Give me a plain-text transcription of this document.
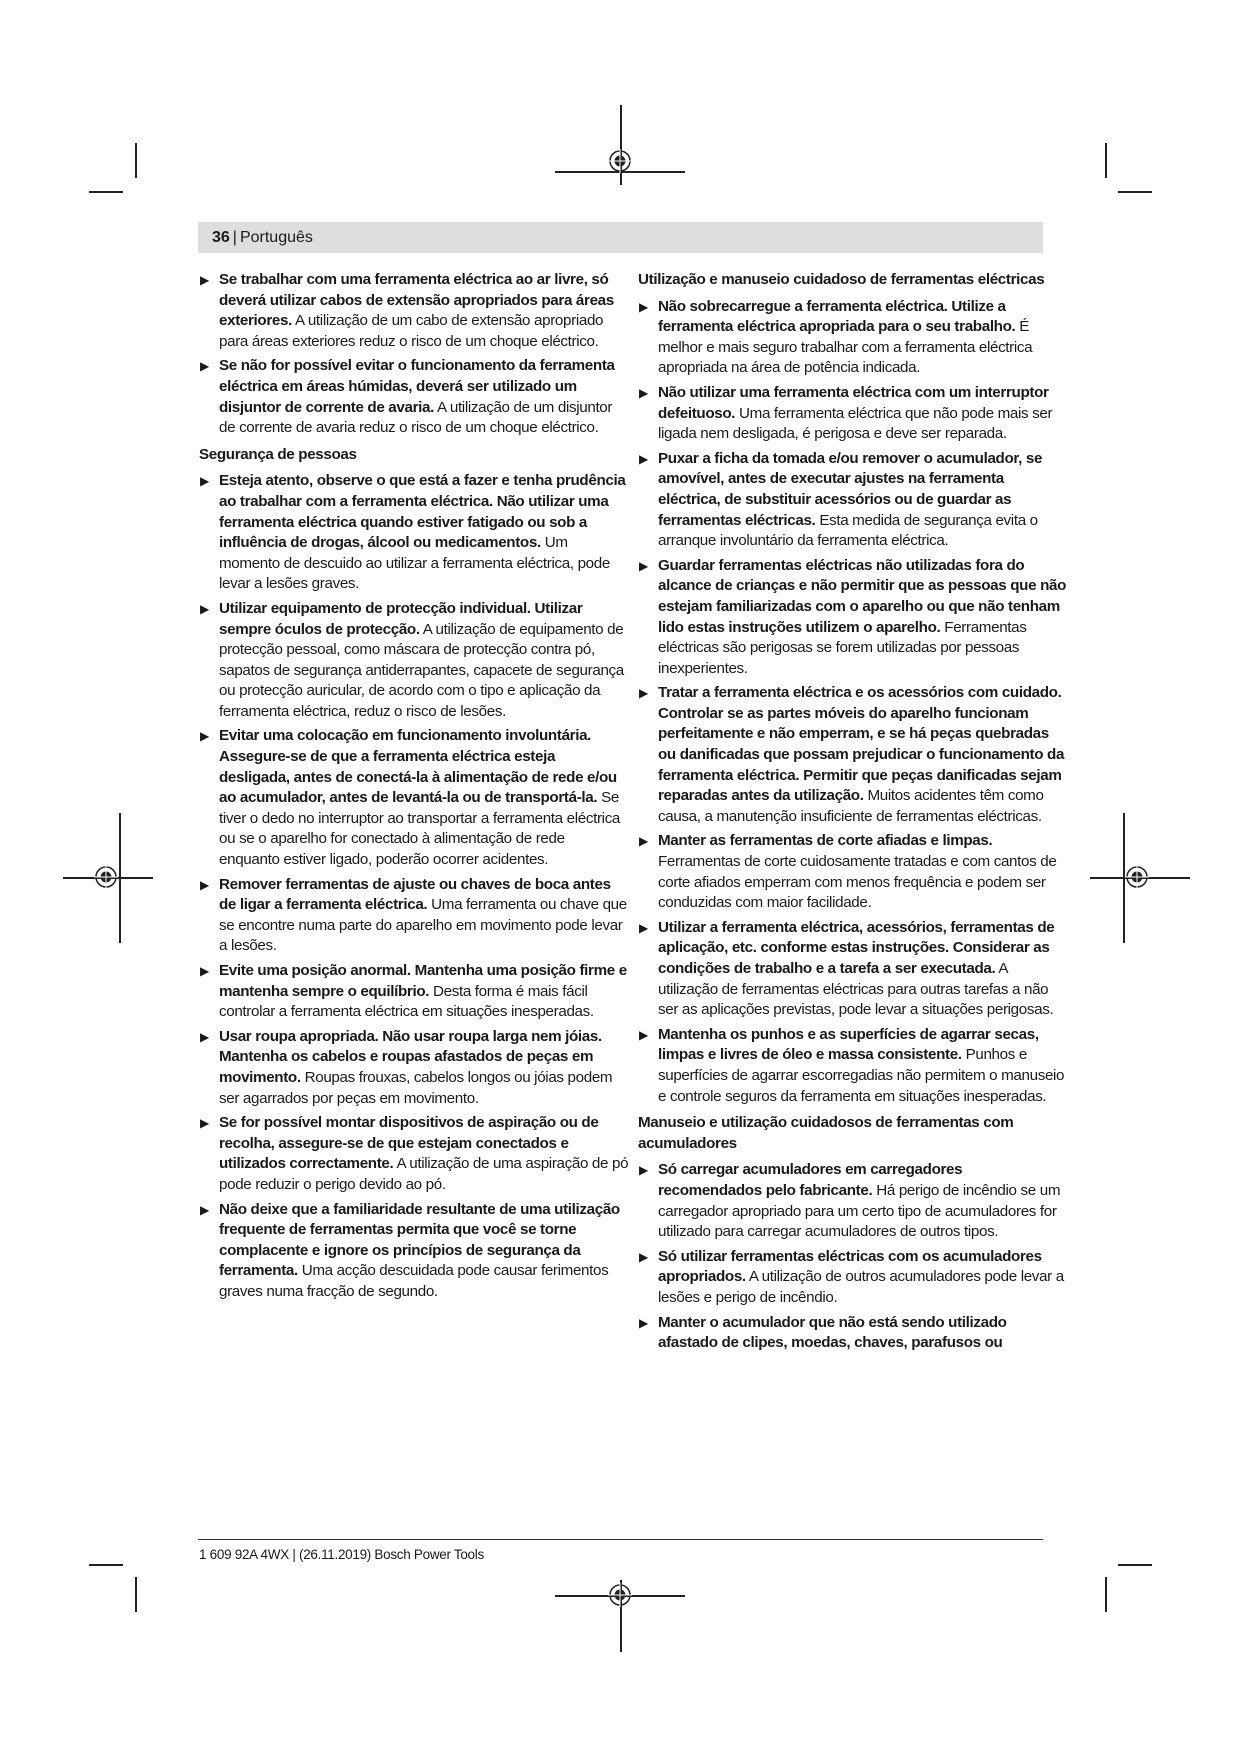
36 | Português
▶ Se trabalhar com uma ferramenta eléctrica ao ar livre, só deverá utilizar cabos de extensão apropriados para áreas exteriores. A utilização de um cabo de extensão apropriado para áreas exteriores reduz o risco de um choque eléctrico.
▶ Se não for possível evitar o funcionamento da ferramenta eléctrica em áreas húmidas, deverá ser utilizado um disjuntor de corrente de avaria. A utilização de um disjuntor de corrente de avaria reduz o risco de um choque eléctrico.
Segurança de pessoas
▶ Esteja atento, observe o que está a fazer e tenha prudência ao trabalhar com a ferramenta eléctrica. Não utilizar uma ferramenta eléctrica quando estiver fatigado ou sob a influência de drogas, álcool ou medicamentos. Um momento de descuido ao utilizar a ferramenta eléctrica, pode levar a lesões graves.
▶ Utilizar equipamento de protecção individual. Utilizar sempre óculos de protecção. A utilização de equipamento de protecção pessoal, como máscara de protecção contra pó, sapatos de segurança antiderrapantes, capacete de segurança ou protecção auricular, de acordo com o tipo e aplicação da ferramenta eléctrica, reduz o risco de lesões.
▶ Evitar uma colocação em funcionamento involuntária. Assegure-se de que a ferramenta eléctrica esteja desligada, antes de conectá-la à alimentação de rede e/ou ao acumulador, antes de levantá-la ou de transportá-la. Se tiver o dedo no interruptor ao transportar a ferramenta eléctrica ou se o aparelho for conectado à alimentação de rede enquanto estiver ligado, poderão ocorrer acidentes.
▶ Remover ferramentas de ajuste ou chaves de boca antes de ligar a ferramenta eléctrica. Uma ferramenta ou chave que se encontre numa parte do aparelho em movimento pode levar a lesões.
▶ Evite uma posição anormal. Mantenha uma posição firme e mantenha sempre o equilíbrio. Desta forma é mais fácil controlar a ferramenta eléctrica em situações inesperadas.
▶ Usar roupa apropriada. Não usar roupa larga nem jóias. Mantenha os cabelos e roupas afastados de peças em movimento. Roupas frouxas, cabelos longos ou jóias podem ser agarrados por peças em movimento.
▶ Se for possível montar dispositivos de aspiração ou de recolha, assegure-se de que estejam conectados e utilizados correctamente. A utilização de uma aspiração de pó pode reduzir o perigo devido ao pó.
▶ Não deixe que a familiaridade resultante de uma utilização frequente de ferramentas permita que você se torne complacente e ignore os princípios de segurança da ferramenta. Uma acção descuidada pode causar ferimentos graves numa fracção de segundo.
Utilização e manuseio cuidadoso de ferramentas eléctricas
▶ Não sobrecarregue a ferramenta eléctrica. Utilize a ferramenta eléctrica apropriada para o seu trabalho. É melhor e mais seguro trabalhar com a ferramenta eléctrica apropriada na área de potência indicada.
▶ Não utilizar uma ferramenta eléctrica com um interruptor defeituoso. Uma ferramenta eléctrica que não pode mais ser ligada nem desligada, é perigosa e deve ser reparada.
▶ Puxar a ficha da tomada e/ou remover o acumulador, se amovível, antes de executar ajustes na ferramenta eléctrica, de substituir acessórios ou de guardar as ferramentas eléctricas. Esta medida de segurança evita o arranque involuntário da ferramenta eléctrica.
▶ Guardar ferramentas eléctricas não utilizadas fora do alcance de crianças e não permitir que as pessoas que não estejam familiarizadas com o aparelho ou que não tenham lido estas instruções utilizem o aparelho. Ferramentas eléctricas são perigosas se forem utilizadas por pessoas inexperientes.
▶ Tratar a ferramenta eléctrica e os acessórios com cuidado. Controlar se as partes móveis do aparelho funcionam perfeitamente e não emperram, e se há peças quebradas ou danificadas que possam prejudicar o funcionamento da ferramenta eléctrica. Permitir que peças danificadas sejam reparadas antes da utilização. Muitos acidentes têm como causa, a manutenção insuficiente de ferramentas eléctricas.
▶ Manter as ferramentas de corte afiadas e limpas. Ferramentas de corte cuidosamente tratadas e com cantos de corte afiados emperram com menos frequência e podem ser conduzidas com maior facilidade.
▶ Utilizar a ferramenta eléctrica, acessórios, ferramentas de aplicação, etc. conforme estas instruções. Considerar as condições de trabalho e a tarefa a ser executada. A utilização de ferramentas eléctricas para outras tarefas a não ser as aplicações previstas, pode levar a situações perigosas.
▶ Mantenha os punhos e as superfícies de agarrar secas, limpas e livres de óleo e massa consistente. Punhos e superfícies de agarrar escorregadias não permitem o manuseio e controle seguros da ferramenta em situações inesperadas.
Manuseio e utilização cuidadosos de ferramentas com acumuladores
▶ Só carregar acumuladores em carregadores recomendados pelo fabricante. Há perigo de incêndio se um carregador apropriado para um certo tipo de acumuladores for utilizado para carregar acumuladores de outros tipos.
▶ Só utilizar ferramentas eléctricas com os acumuladores apropriados. A utilização de outros acumuladores pode levar a lesões e perigo de incêndio.
▶ Manter o acumulador que não está sendo utilizado afastado de clipes, moedas, chaves, parafusos ou
1 609 92A 4WX | (26.11.2019) Bosch Power Tools
